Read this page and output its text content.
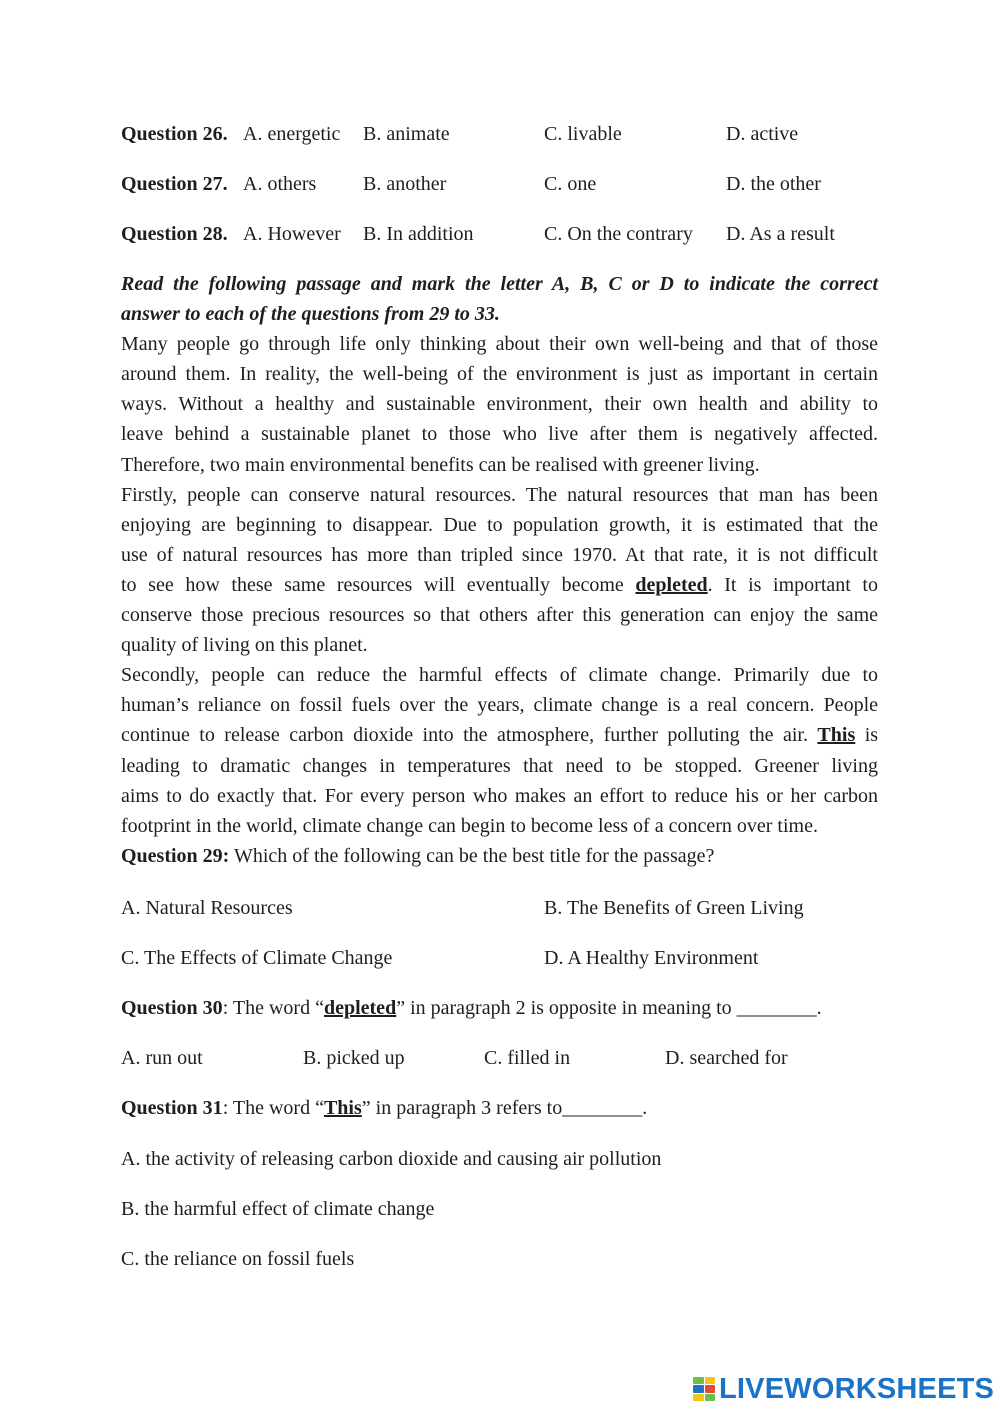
Question 26. A. energetic B. animate	C. livable	D. active
Question 27. A. others B. another	C. one	D. the other
Question 28. A. However B. In addition	C. On the contrary D. As a result
Read the following passage and mark the letter A, B, C or D to indicate the correct
answer to each of the questions from 29 to 33.
Many people go through life only thinking about their own well-being and that of those
around them. In reality, the well-being of the environment is just as important in certain
ways. Without a healthy and sustainable environment, their own health and ability to
leave behind a sustainable planet to those who live after them is negatively affected.
Therefore, two main environmental benefits can be realised with greener living.
Firstly, people can conserve natural resources. The natural resources that man has been
enjoying are beginning to disappear. Due to population growth, it is estimated that the
use of natural resources has more than tripled since 1970. At that rate, it is not difficult
to see how these same resources will eventually become depleted. It is important to
conserve those precious resources so that others after this generation can enjoy the same
quality of living on this planet.
Secondly, people can reduce the harmful effects of climate change. Primarily due to
human’s reliance on fossil fuels over the years, climate change is a real concern. People
continue to release carbon dioxide into the atmosphere, further polluting the air. This is
leading to dramatic changes in temperatures that need to be stopped. Greener living
aims to do exactly that. For every person who makes an effort to reduce his or her carbon
footprint in the world, climate change can begin to become less of a concern over time.
Question 29: Which of the following can be the best title for the passage?
A. Natural Resources	B. The Benefits of Green Living
C. The Effects of Climate Change	D. A Healthy Environment
Question 30: The word “depleted” in paragraph 2 is opposite in meaning to ________.
A. run out	B. picked up	C. filled in	D. searched for
Question 31: The word “This” in paragraph 3 refers to________.
A. the activity of releasing carbon dioxide and causing air pollution
B. the harmful effect of climate change
C. the reliance on fossil fuels
LIVEWORKSHEETS
